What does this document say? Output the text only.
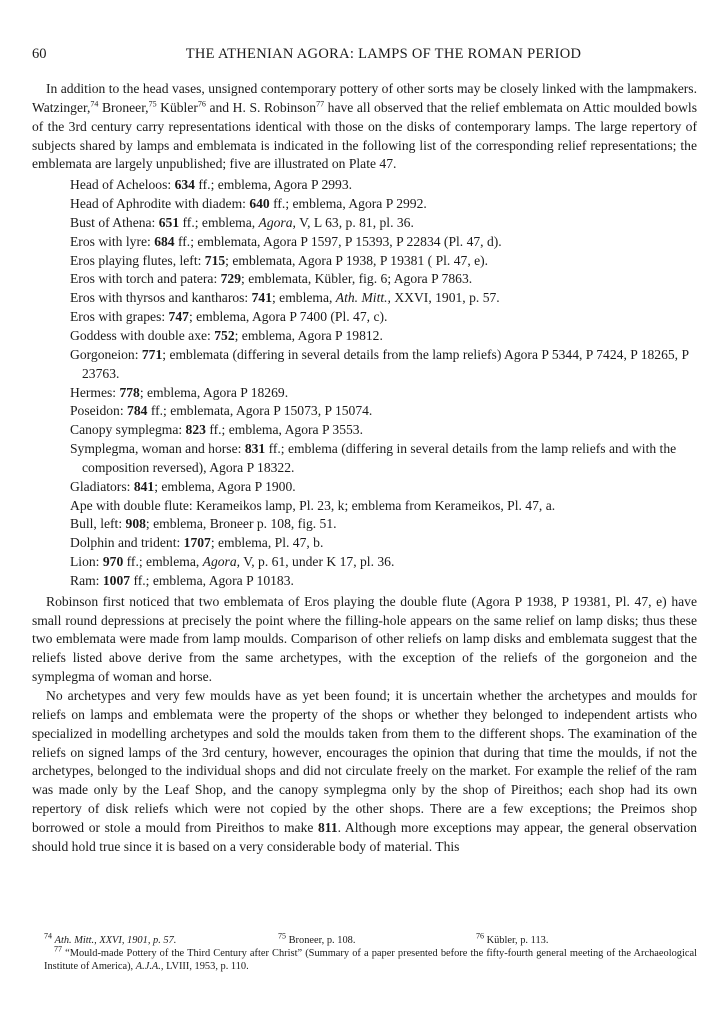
60	THE ATHENIAN AGORA: LAMPS OF THE ROMAN PERIOD

In addition to the head vases, unsigned contemporary pottery of other sorts may be closely linked with the lampmakers. Watzinger,$^{74}$ Broneer,$^{75}$ Kübler$^{76}$ and H. S. Robinson$^{77}$ have all observed that the relief emblemata on Attic moulded bowls of the 3rd century carry representations identical with those on the disks of contemporary lamps. The large repertory of subjects shared by lamps and emblemata is indicated in the following list of the corresponding relief representations; the emblemata are largely unpublished; five are illustrated on Plate 47.

Head of Acheloos: 634 ff.; emblema, Agora P 2993.
Head of Aphrodite with diadem: 640 ff.; emblema, Agora P 2992.
Bust of Athena: 651 ff.; emblema, Agora, V, L 63, p. 81, pl. 36.
Eros with lyre: 684 ff.; emblemata, Agora P 1597, P 15393, P 22834 (Pl. 47, d).
Eros playing flutes, left: 715; emblemata, Agora P 1938, P 19381 ( Pl. 47, e).
Eros with torch and patera: 729; emblemata, Kübler, fig. 6; Agora P 7863.
Eros with thyrsos and kantharos: 741; emblema, Ath. Mitt., XXVI, 1901, p. 57.
Eros with grapes: 747; emblema, Agora P 7400 (Pl. 47, c).
Goddess with double axe: 752; emblema, Agora P 19812.
Gorgoneion: 771; emblemata (differing in several details from the lamp reliefs) Agora P 5344, P 7424, P 18265, P 23763.
Hermes: 778; emblema, Agora P 18269.
Poseidon: 784 ff.; emblemata, Agora P 15073, P 15074.
Canopy symplegma: 823 ff.; emblema, Agora P 3553.
Symplegma, woman and horse: 831 ff.; emblema (differing in several details from the lamp reliefs and with the composition reversed), Agora P 18322.
Gladiators: 841; emblema, Agora P 1900.
Ape with double flute: Kerameikos lamp, Pl. 23, k; emblema from Kerameikos, Pl. 47, a.
Bull, left: 908; emblema, Broneer p. 108, fig. 51.
Dolphin and trident: 1707; emblema, Pl. 47, b.
Lion: 970 ff.; emblema, Agora, V, p. 61, under K 17, pl. 36.
Ram: 1007 ff.; emblema, Agora P 10183.

Robinson first noticed that two emblemata of Eros playing the double flute (Agora P 1938, P 19381, Pl. 47, e) have small round depressions at precisely the point where the filling-hole appears on the same relief on lamp disks; thus these two emblemata were made from lamp moulds. Comparison of other reliefs on lamp disks and emblemata suggest that the reliefs listed above derive from the same archetypes, with the exception of the reliefs of the gorgoneion and the symplegma of woman and horse.

No archetypes and very few moulds have as yet been found; it is uncertain whether the archetypes and moulds for reliefs on lamps and emblemata were the property of the shops or whether they belonged to independent artists who specialized in modelling archetypes and sold the moulds taken from them to the different shops. The examination of the reliefs on signed lamps of the 3rd century, however, encourages the opinion that during that time the moulds, if not the archetypes, belonged to the individual shops and did not circulate freely on the market. For example the relief of the ram was made only by the Leaf Shop, and the canopy symplegma only by the shop of Pireithos; each shop had its own repertory of disk reliefs which were not copied by the other shops. There are a few exceptions; the Preimos shop borrowed or stole a mould from Pireithos to make 811. Although more exceptions may appear, the general observation should hold true since it is based on a very considerable body of material. This

$^{74}$ Ath. Mitt., XXVI, 1901, p. 57.	$^{75}$ Broneer, p. 108.	$^{76}$ Kübler, p. 113.
$^{77}$ “Mould-made Pottery of the Third Century after Christ” (Summary of a paper presented before the fifty-fourth general meeting of the Archaeological Institute of America), A.J.A., LVIII, 1953, p. 110.
